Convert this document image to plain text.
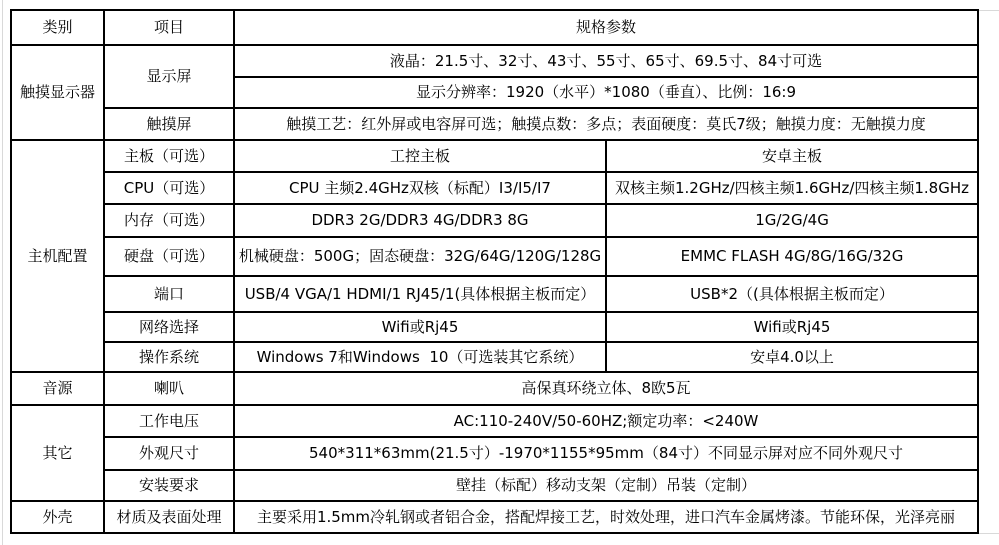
类别	项目	规格参数	
触摸显示器	显示屏	液晶：21.5寸、32寸、43寸、55寸、65寸、69.5寸、84寸可选	
		显示分辨率：1920（水平）*1080（垂直）、比例：16:9	
	触摸屏	触摸工艺：红外屏或电容屏可选；触摸点数：多点；表面硬度：莫氏7级；触摸力度：无触摸力度	
主机配置	主板（可选）	工控主板	安卓主板
	CPU（可选）	CPU 主频2.4GHz双核（标配）I3/I5/I7	双核主频1.2GHz/四核主频1.6GHz/四核主频1.8GHz
	内存（可选）	DDR3 2G/DDR3 4G/DDR3 8G	1G/2G/4G
	硬盘（可选）	机械硬盘：500G；固态硬盘：32G/64G/120G/128G	EMMC FLASH 4G/8G/16G/32G
	端口	USB/4 VGA/1 HDMI/1 RJ45/1(具体根据主板而定）	USB*2（(具体根据主板而定）
	网络选择	Wifi或Rj45	Wifi或Rj45
	操作系统	Windows 7和Windows  10（可选装其它系统）	安卓4.0以上
音源	喇叭	高保真环绕立体、8欧5瓦	
其它	工作电压	AC:110-240V/50-60HZ;额定功率：<240W	
	外观尺寸	540*311*63mm(21.5寸）-1970*1155*95mm（84寸）不同显示屏对应不同外观尺寸	
	安装要求	壁挂（标配）移动支架（定制）吊装（定制）	
外壳	材质及表面处理	主要采用1.5mm冷轧钢或者铝合金，搭配焊接工艺，时效处理，进口汽车金属烤漆。节能环保，光泽亮丽	
